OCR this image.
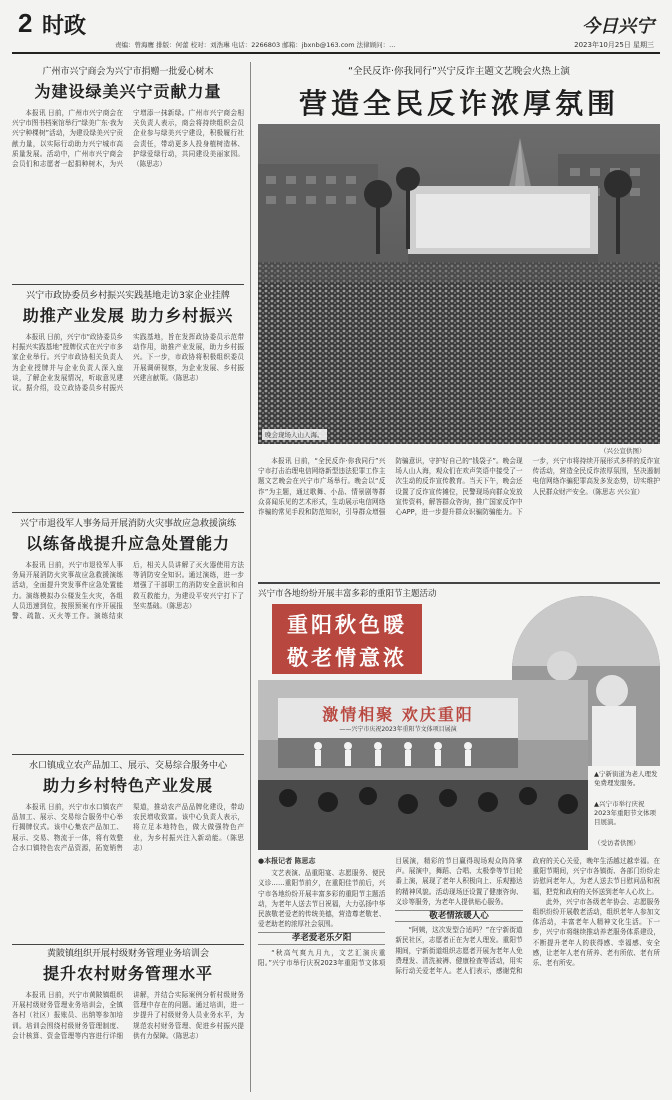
2 时政
责编：曾海鹰 排版：何蕾 校对：刘浩琳 电话：2266803 邮箱：jbxnb@163.com 法律顾问：...
今日兴宁
2023年10月25日 星期三
广州市兴宁商会为兴宁市捐赠一批爱心树木
为建设绿美兴宁贡献力量

本报讯 日前，广州市兴宁商会在兴宁市图书档案馆举行“绿美广东·我为兴宁种棵树”活动，为建设绿美兴宁贡献力量，以实际行动助力兴宁城市高质量发展。活动中，广州市兴宁商会会员们和志愿者一起捐种树木，为兴宁增添一抹新绿。广州市兴宁商会相关负责人表示，商会将持续组织会员企业参与绿美兴宁建设，积极履行社会责任，带动更多人投身植树造林、护绿爱绿行动，共同建设美丽家园。（陈思志）

兴宁市政协委员乡村振兴实践基地走访3家企业挂牌
助推产业发展 助力乡村振兴

本报讯 日前，兴宁市“政协委员乡村振兴实践基地”授牌仪式在兴宁市多家企业举行。兴宁市政协相关负责人为企业授牌并与企业负责人深入座谈，了解企业发展情况，听取意见建议。据介绍，设立政协委员乡村振兴实践基地，旨在发挥政协委员示范带动作用，助推产业发展，助力乡村振兴。下一步，市政协将积极组织委员开展调研视察，为企业发展、乡村振兴建言献策。（陈思志）

兴宁市退役军人事务局开展消防火灾事故应急救援演练
以练备战提升应急处置能力

本报讯 日前，兴宁市退役军人事务局开展消防火灾事故应急救援演练活动，全面提升突发事件应急处置能力。演练模拟办公楼发生火灾，各组人员迅速到位，按照预案有序开展报警、疏散、灭火等工作。演练结束后，相关人员讲解了灭火器使用方法等消防安全知识。通过演练，进一步增强了干部职工的消防安全意识和自救互救能力，为建设平安兴宁打下了坚实基础。（陈思志）

水口镇成立农产品加工、展示、交易综合服务中心
助力乡村特色产业发展

本报讯 日前，兴宁市水口镇农产品加工、展示、交易综合服务中心举行揭牌仪式。该中心集农产品加工、展示、交易、物流于一体，将有效整合水口镇特色农产品资源，拓宽销售渠道，推动农产品品牌化建设，带动农民增收致富。该中心负责人表示，将立足本地特色，做大做强特色产业，为乡村振兴注入新动能。（陈思志）

黄陂镇组织开展村级财务管理业务培训会
提升农村财务管理水平

本报讯 日前，兴宁市黄陂镇组织开展村级财务管理业务培训会，全镇各村（社区）报账员、出纳等参加培训。培训会围绕村级财务管理制度、会计核算、资金管理等内容进行详细讲解，并结合实际案例分析村级财务管理中存在的问题。通过培训，进一步提升了村级财务人员业务水平，为规范农村财务管理、促进乡村振兴提供有力保障。（陈思志）

“全民反诈·你我同行”兴宁反诈主题文艺晚会火热上演
营造全民反诈浓厚氛围
晚会现场人山人海。
（兴公宣供图）

本报讯 日前，“全民反诈·你我同行”兴宁市打击治理电信网络新型违法犯罪工作主题文艺晚会在兴宁市广场举行。晚会以“反诈”为主题，通过歌舞、小品、情景剧等群众喜闻乐见的艺术形式，生动展示电信网络诈骗的常见手段和防范知识，引导群众增强防骗意识，守护好自己的“钱袋子”。晚会现场人山人海，观众们在欢声笑语中接受了一次生动的反诈宣传教育。当天下午，晚会还设置了反诈宣传摊位，民警现场向群众发放宣传资料，解答群众咨询，推广国家反诈中心APP，进一步提升群众识骗防骗能力。下一步，兴宁市将持续开展形式多样的反诈宣传活动，营造全民反诈浓厚氛围，坚决遏制电信网络诈骗犯罪高发多发态势，切实维护人民群众财产安全。（陈思志 兴公宣）

兴宁市各地纷纷开展丰富多彩的重阳节主题活动
重阳秋色暖
敬老情意浓
▲宁新街道为老人理发免费理发服务。
▲兴宁市举行庆祝2023年重阳节文体项目展演。
（受访者供图）
激情相聚 欢庆重阳
——兴宁市庆祝2023年重阳节文体项目展演
●本报记者 陈思志

文艺表演、品重阳宴、志愿服务、便民义诊……重阳节前夕，在重阳佳节前后，兴宁市各地纷纷开展丰富多彩的重阳节主题活动，为老年人送去节日祝福，大力弘扬中华民族敬老爱老的传统美德，营造尊老敬老、爱老助老的浓厚社会氛围。

孝老爱老乐夕阳

“秋高气爽九月九，文艺汇演庆重阳。”兴宁市举行庆祝2023年重阳节文体项目展演，精彩的节目赢得现场观众阵阵掌声。展演中，舞蹈、合唱、太极拳等节目轮番上演，展现了老年人积极向上、乐观豁达的精神风貌。活动现场还设置了健康咨询、义诊等服务，为老年人提供贴心服务。

敬老情浓暖人心

“阿姨，这次发型合适吗？”在宁新街道新民社区，志愿者正在为老人理发。重阳节期间，宁新街道组织志愿者开展为老年人免费理发、清洗被褥、健康检查等活动，用实际行动关爱老年人。老人们表示，感谢党和政府的关心关爱，晚年生活越过越幸福。在重阳节期间，兴宁市各镇街、各部门纷纷走访慰问老年人，为老人送去节日慰问品和祝福，把党和政府的关怀送到老年人心坎上。

此外，兴宁市各级老年协会、志愿服务组织纷纷开展敬老活动，组织老年人参加文体活动，丰富老年人精神文化生活。下一步，兴宁市将继续推动养老服务体系建设，不断提升老年人的获得感、幸福感、安全感，让老年人老有所养、老有所依、老有所乐、老有所安。
